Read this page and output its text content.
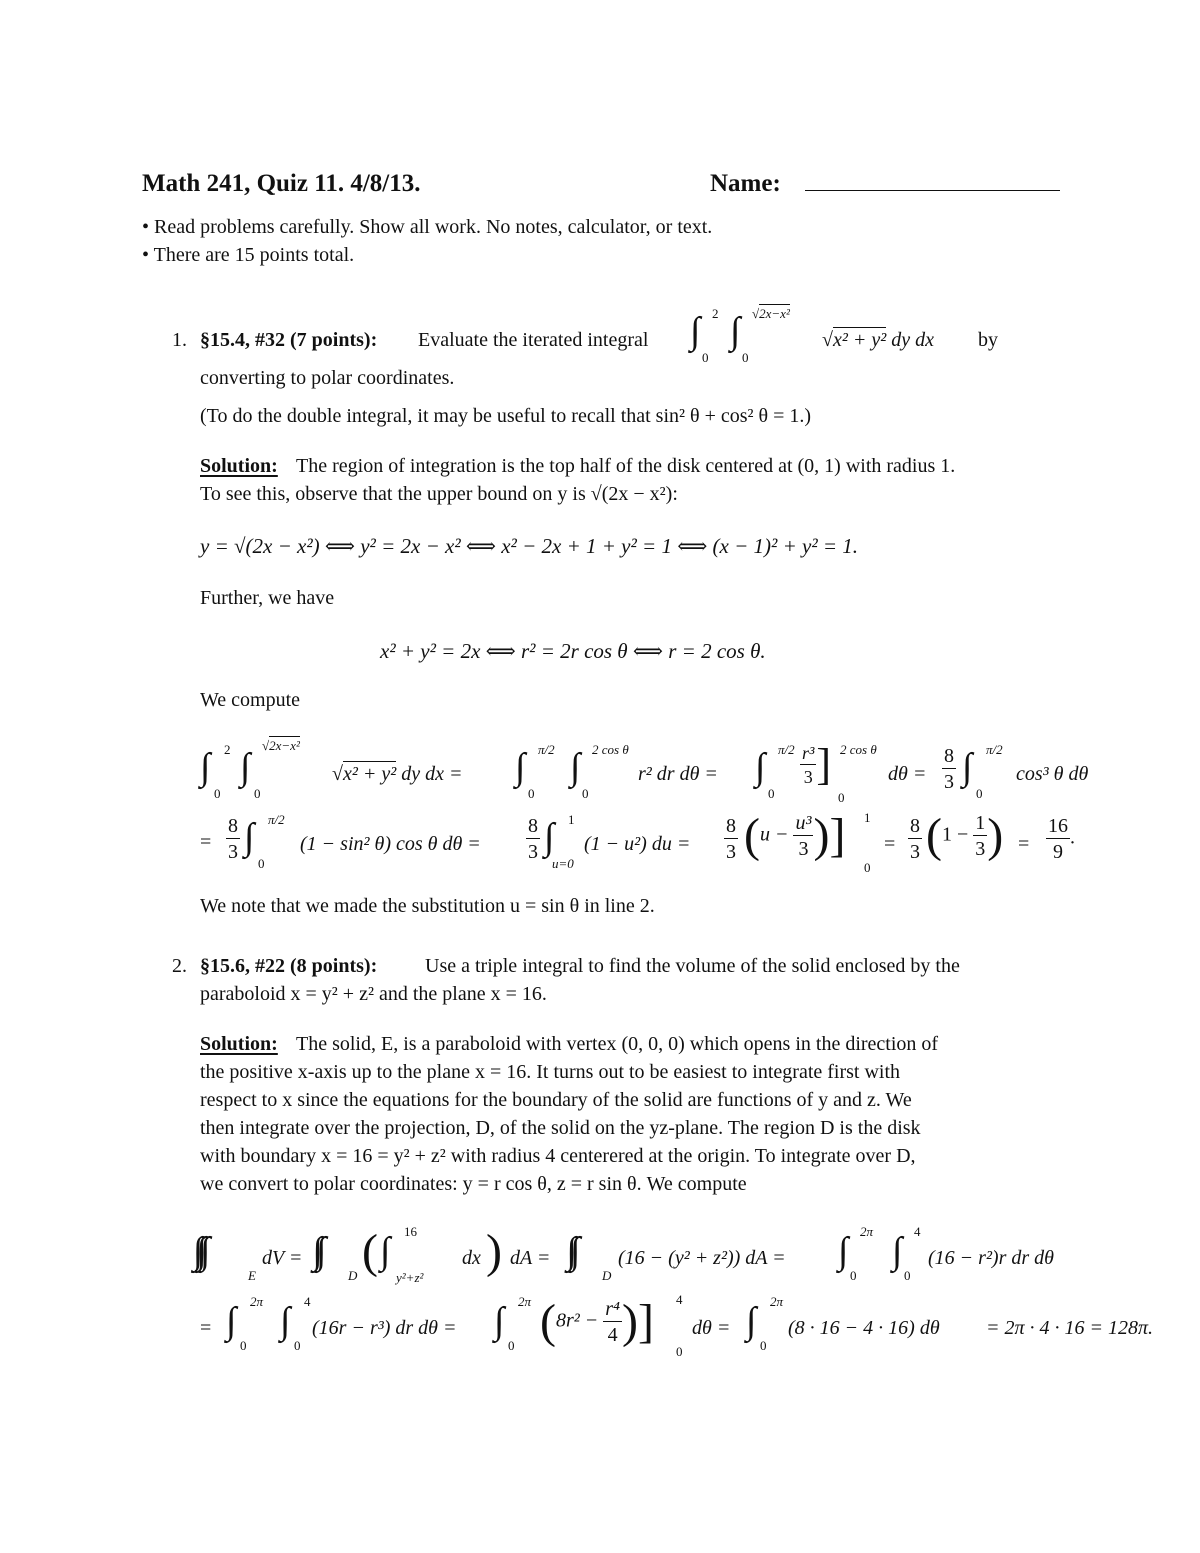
Math 241, Quiz 11. 4/8/13.	Name:
• Read problems carefully. Show all work. No notes, calculator, or text.
• There are 15 points total.
1. §15.4, #32 (7 points): Evaluate the iterated integral ∫ 2
0
∫ √2x−x²
0
√x² + y² dy dx by
converting to polar coordinates.
(To do the double integral, it may be useful to recall that sin² θ + cos² θ = 1.)
Solution: The region of integration is the top half of the disk centered at (0, 1) with radius 1.
To see this, observe that the upper bound on y is √(2x − x²):
y = √(2x − x²) ⟺ y² = 2x − x² ⟺ x² − 2x + 1 + y² = 1 ⟺ (x − 1)² + y² = 1.
Further, we have
x² + y² = 2x ⟺ r² = 2r cos θ ⟺ r = 2 cos θ.
We compute
∫ 2
0
∫
√2x−x²
0
√x² + y² dy dx = ∫ π/2
0
∫ 2 cos θ
0
r² dr dθ = ∫ π/2
0
$\frac{\text{r³}}{3}$ ] 2 cos θ
0
$d\theta = \frac{8}{3}$ ∫ π/2
0
cos³ θ dθ
= $\frac{8}{3}$ ∫ π/2
0
(1 − sin² θ) cos θ $d\theta = \frac{8}{3}$ ∫ 1
u=0
(1 − u²) du = $\frac{8}{3} (u - \frac{\text{u³}}{3}$ )] 1
0
= $\frac{8}{3} (1 - \frac{1}{3}$ ) = $\frac{16}{9}$ .
We note that we made the substitution u = sin θ in line 2.
2. §15.6, #22 (8 points): Use a triple integral to find the volume of the solid enclosed by the
paraboloid x = y² + z² and the plane x = 16.
Solution: The solid, E, is a paraboloid with vertex (0, 0, 0) which opens in the direction of
the positive x-axis up to the plane x = 16. It turns out to be easiest to integrate first with
respect to x since the equations for the boundary of the solid are functions of y and z. We
then integrate over the projection, D, of the solid on the yz-plane. The region D is the disk
with boundary x = 16 = y² + z² with radius 4 centerered at the origin. To integrate over D,
we convert to polar coordinates: y = r cos θ, z = r sin θ. We compute
E
dV =
D ( ∫ 16
y²+z²
dx ) dA =
D
(16 − (y² + z²)) dA = ∫ 2π
0
∫ 4
0
(16 − r²)r dr dθ
= ∫ 2π
0
∫ 4
0
(16r − r³) dr dθ = ∫ 2π
0 ($8r^2 - \frac{\text{r⁴}}{4}$ )] 4
0
dθ = ∫ 2π
0
(8 · 16 − 4 · 16) dθ = 2π · 4 · 16 = 128π.
